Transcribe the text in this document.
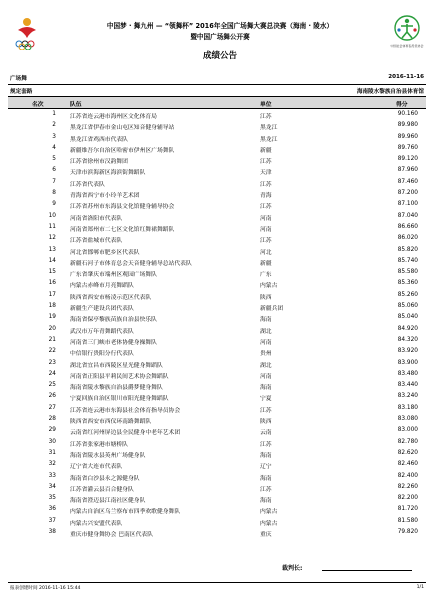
中国社会体育指导员协会
中国梦 · 舞九州 — “领舞杯” 2016年全国广场舞大赛总决赛（海南 · 陵水）
暨中国广场舞公开赛
成绩公告
广场舞	2016-11-16
规定套路	海南陵水黎族自治县体育馆
名次	队伍	单位	得分
1 江苏省连云港市海州区文化体育局	江苏	90.160
2 黑龙江省伊春市金山屯区知音健身辅导站	黑龙江	89.980
3 黑龙江省鸡西市代表队	黑龙江	89.960
4 新疆维吾尔自治区哈密市伊州区广场舞队	新疆	89.760
5 江苏省徐州市汉韵舞团	江苏	89.120
6 天津市滨海新区海滨街舞蹈队	天津	87.960
7 江苏省代表队	江苏	87.460
8 青海省西宁市小玲羊艺术团	青海	87.200
9 江苏省苏州市东海县文化馆健身辅导协会	江苏	87.100
10 河南省洛阳市代表队	河南	87.040
11 河南省郑州市二七区文化馆红舞裙舞蹈队	河南	86.660
12 江苏省盐城市代表队	江苏	86.020
13 河北省邯郸市肥乡区代表队	河北	85.820
14 新疆石河子市体育总会天音健身辅导总站代表队	新疆	85.740
15 广东省肇庆市端州区观园广场舞队	广东	85.580
16 内蒙古赤峰市月亮舞蹈队	内蒙古	85.360
17 陕西省西安市杨凌示范区代表队	陕西	85.260
18 新疆生产建设兵团代表队	新疆兵团	85.060
19 海南省保亭黎族苗族自治县快乐队	海南	85.040
20 武汉市万年青舞蹈代表队	湖北	84.920
21 河南省三门峡市老体协健身操舞队	河南	84.320
22 中信银行贵阳分行代表队	贵州	83.920
23 湖北省宜昌市西陵区星光健身舞蹈队	湖北	83.900
24 河南省正阳县平莉民间艺术协会舞蹈队	河南	83.480
25 海南省陵水黎族自治县爵梦健身舞队	海南	83.440
26 宁夏回族自治区银川市阳光健身舞蹈队	宁夏	83.240
27 江苏省连云港市东海县社会体育指导员协会	江苏	83.180
28 陕西省西安市西仪环南路舞蹈队	陕西	83.080
29 云南省红河州屏边县全民健身中老年艺术团	云南	83.000
30 江苏省张家港市塘桥队	江苏	82.780
31 海南省陵水县英州广场健身队	海南	82.620
32 辽宁省大连市代表队	辽宁	82.460
33 海南省白沙县永之源健身队	海南	82.400
34 江苏省灌云县百合健身队	江苏	82.260
35 海南省澄迈县江南社区健身队	海南	82.200
36 内蒙古自治区乌兰察布市四季欢歌健身舞队	内蒙古	81.720
37 内蒙古兴安盟代表队	内蒙古	81.580
38 重庆市健身舞协会 巴南区代表队	重庆	79.820
裁判长:
报表创建时间 2016-11-16 15:44	1/1
